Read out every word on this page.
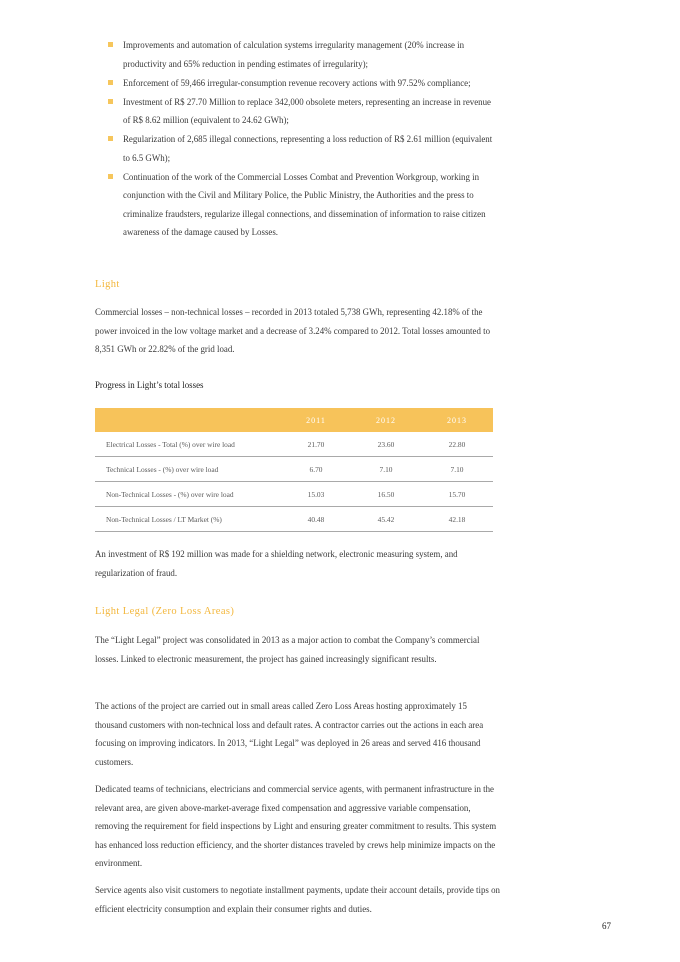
Improvements and automation of calculation systems irregularity management (20% increase in productivity and 65% reduction in pending estimates of irregularity);
Enforcement of 59,466 irregular-consumption revenue recovery actions with 97.52% compliance;
Investment of R$ 27.70 Million to replace 342,000 obsolete meters, representing an increase in revenue of R$ 8.62 million (equivalent to 24.62 GWh);
Regularization of 2,685 illegal connections, representing a loss reduction of R$ 2.61 million (equivalent to 6.5 GWh);
Continuation of the work of the Commercial Losses Combat and Prevention Workgroup, working in conjunction with the Civil and Military Police, the Public Ministry, the Authorities and the press to criminalize fraudsters, regularize illegal connections, and dissemination of information to raise citizen awareness of the damage caused by Losses.
Light

Commercial losses – non-technical losses – recorded in 2013 totaled 5,738 GWh, representing 42.18% of the power invoiced in the low voltage market and a decrease of 3.24% compared to 2012. Total losses amounted to 8,351 GWh or 22.82% of the grid load.

Progress in Light’s total losses

	2011	2012	2013
Electrical Losses - Total (%) over wire load	21.70	23.60	22.80
Technical Losses - (%) over wire load	6.70	7.10	7.10
Non-Technical Losses - (%) over wire load	15.03	16.50	15.70
Non-Technical Losses / LT Market (%)	40.48	45.42	42.18

An investment of R$ 192 million was made for a shielding network, electronic measuring system, and regularization of fraud.

Light Legal (Zero Loss Areas)

The “Light Legal” project was consolidated in 2013 as a major action to combat the Company’s commercial losses. Linked to electronic measurement, the project has gained increasingly significant results.

The actions of the project are carried out in small areas called Zero Loss Areas hosting approximately 15 thousand customers with non-technical loss and default rates. A contractor carries out the actions in each area focusing on improving indicators. In 2013, “Light Legal” was deployed in 26 areas and served 416 thousand customers.

Dedicated teams of technicians, electricians and commercial service agents, with permanent infrastructure in the relevant area, are given above-market-average fixed compensation and aggressive variable compensation, removing the requirement for field inspections by Light and ensuring greater commitment to results. This system has enhanced loss reduction efficiency, and the shorter distances traveled by crews help minimize impacts on the environment.

Service agents also visit customers to negotiate installment payments, update their account details, provide tips on efficient electricity consumption and explain their consumer rights and duties.

67
